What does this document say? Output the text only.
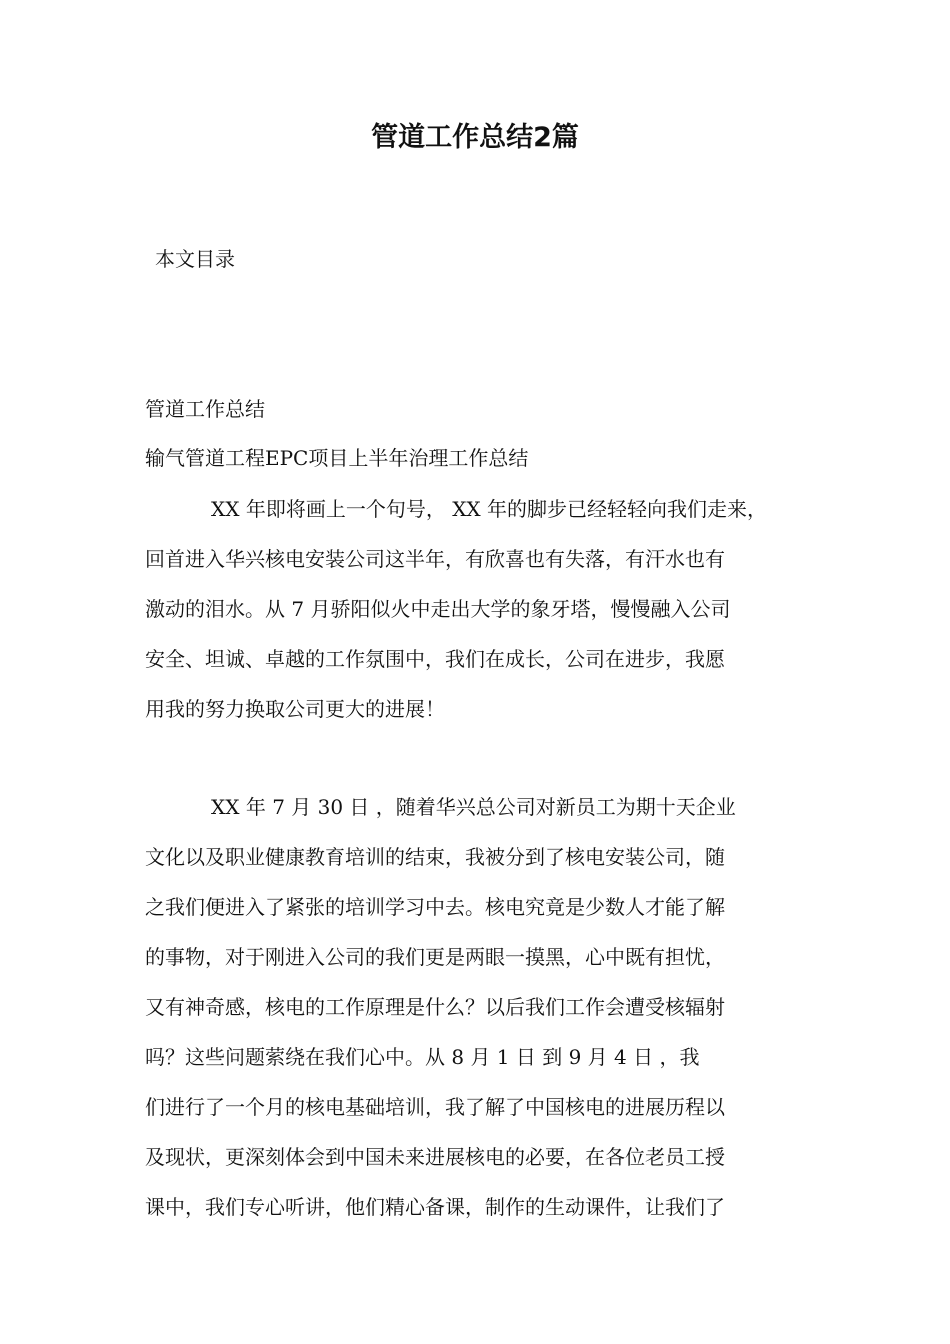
管道工作总结2篇
本文目录
管道工作总结
输气管道工程EPC项目上半年治理工作总结
XX 年即将画上一个句号， XX 年的脚步已经轻轻向我们走来，
回首进入华兴核电安装公司这半年，有欣喜也有失落，有汗水也有
激动的泪水。从 7 月骄阳似火中走出大学的象牙塔，慢慢融入公司
安全、坦诚、卓越的工作氛围中，我们在成长，公司在进步，我愿
用我的努力换取公司更大的进展！
XX 年 7 月 30 日 ，随着华兴总公司对新员工为期十天企业
文化以及职业健康教育培训的结束，我被分到了核电安装公司，随
之我们便进入了紧张的培训学习中去。核电究竟是少数人才能了解
的事物，对于刚进入公司的我们更是两眼一摸黑，心中既有担忧，
又有神奇感，核电的工作原理是什么？以后我们工作会遭受核辐射
吗？这些问题萦绕在我们心中。从 8 月 1 日 到 9 月 4 日 ，我
们进行了一个月的核电基础培训，我了解了中国核电的进展历程以
及现状，更深刻体会到中国未来进展核电的必要，在各位老员工授
课中，我们专心听讲，他们精心备课，制作的生动课件，让我们了
